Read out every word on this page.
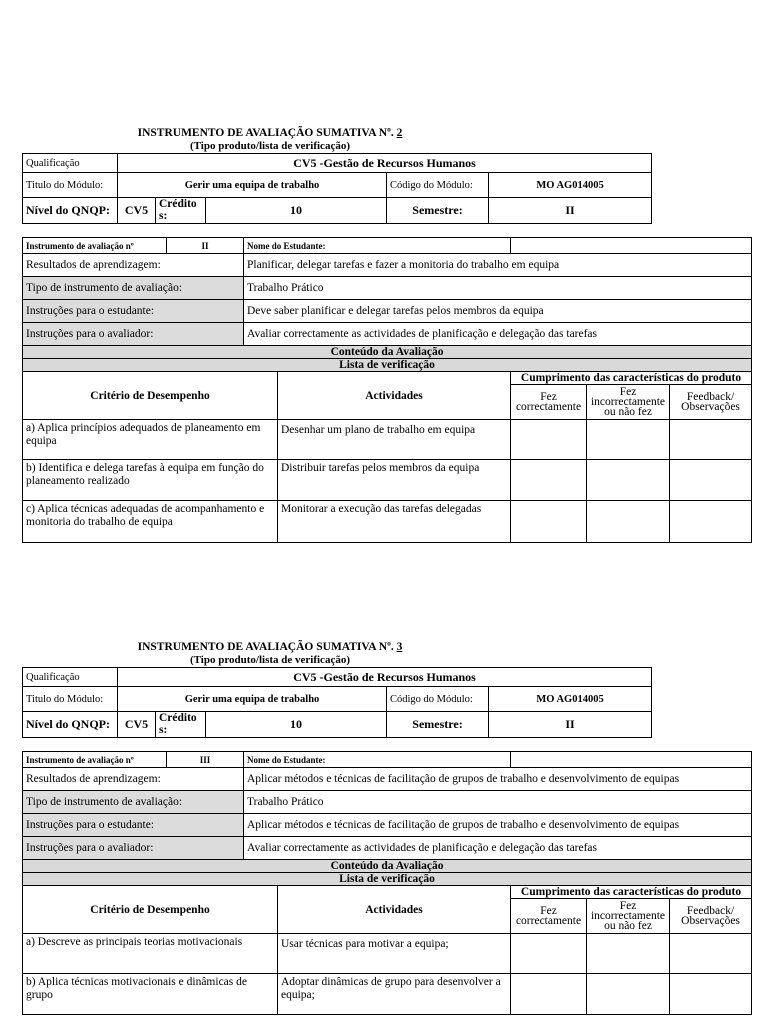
INSTRUMENTO DE AVALIAÇÃO SUMATIVA Nº. 2
(Tipo produto/lista de verificação)
Qualificação	CV5 -Gestão de Recursos Humanos				
Titulo do Módulo:	Gerir uma equipa de trabalho			Código do Módulo:	MO AG014005
Nível do QNQP:	CV5	Crédito s:	10	Semestre:	II
Instrumento de avaliação nº	II	Nome do Estudante:				
Resultados de aprendizagem:		Planificar, delegar tarefas e fazer a monitoria do trabalho em equipa				
Tipo de instrumento de avaliação:		Trabalho Prático				
Instruções para o estudante:		Deve saber planificar e delegar tarefas pelos membros da equipa				
Instruções para o avaliador:		Avaliar correctamente as actividades de planificação e delegação das tarefas				
Conteúdo da Avaliação						
Lista de verificação						
Critério de Desempenho			Actividades	Cumprimento das características do produto		
				Fez correctamente	Fez incorrectamente ou não fez	Feedback/ Observações
a) Aplica princípios adequados de planeamento em equipa			Desenhar um plano de trabalho em equipa			
b) Identifica e delega tarefas à equipa em função do planeamento realizado			Distribuir tarefas pelos membros da equipa			
c) Aplica técnicas adequadas de acompanhamento e monitoria do trabalho de equipa			Monitorar a execução das tarefas delegadas			
INSTRUMENTO DE AVALIAÇÃO SUMATIVA Nº. 3
(Tipo produto/lista de verificação)
Qualificação	CV5 -Gestão de Recursos Humanos				
Titulo do Módulo:	Gerir uma equipa de trabalho			Código do Módulo:	MO AG014005
Nível do QNQP:	CV5	Crédito s:	10	Semestre:	II
Instrumento de avaliação nº	III	Nome do Estudante:				
Resultados de aprendizagem:		Aplicar métodos e técnicas de facilitação de grupos de trabalho e desenvolvimento de equipas				
Tipo de instrumento de avaliação:		Trabalho Prático				
Instruções para o estudante:		Aplicar métodos e técnicas de facilitação de grupos de trabalho e desenvolvimento de equipas				
Instruções para o avaliador:		Avaliar correctamente as actividades de planificação e delegação das tarefas				
Conteúdo da Avaliação						
Lista de verificação						
Critério de Desempenho			Actividades	Cumprimento das características do produto		
				Fez correctamente	Fez incorrectamente ou não fez	Feedback/ Observações
a) Descreve as principais teorias motivacionais			Usar técnicas para motivar a equipa;			
b) Aplica técnicas motivacionais e dinâmicas de grupo			Adoptar dinâmicas de grupo para desenvolver a equipa;			
